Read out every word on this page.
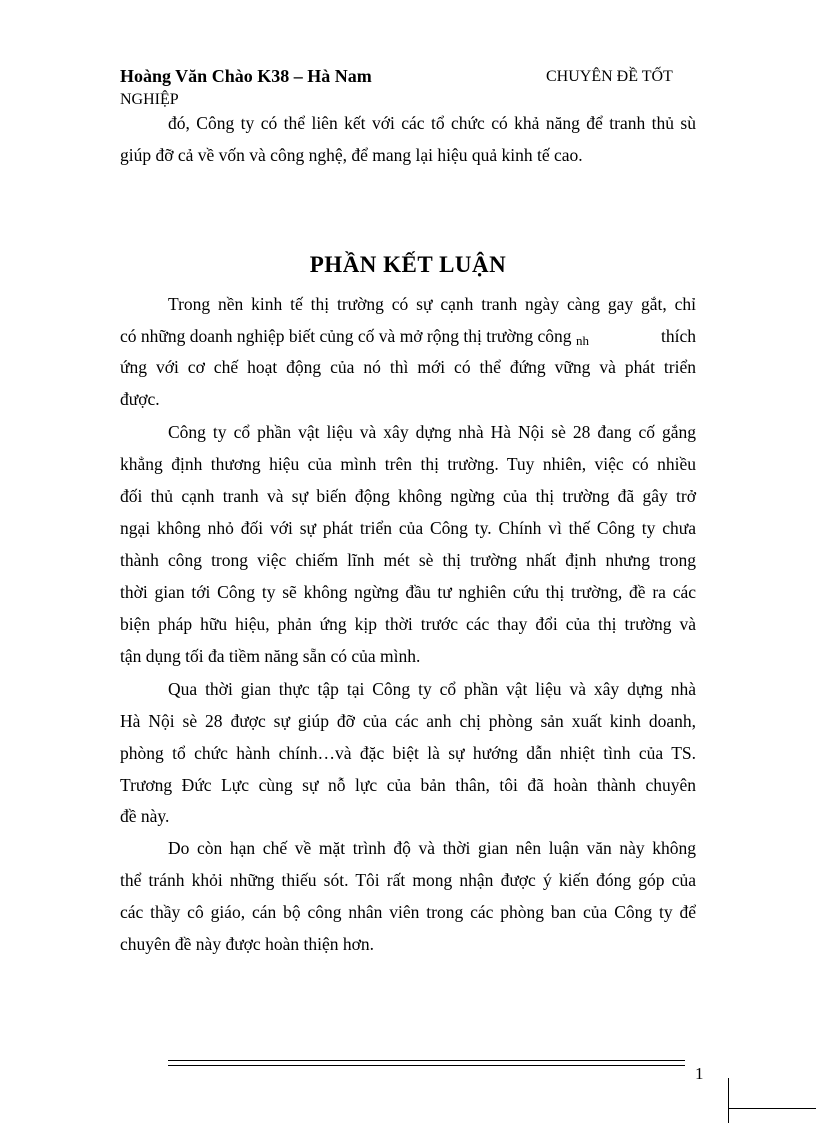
Hoàng Văn Chào K38 – Hà Nam	CHUYÊN ĐỀ TỐT
NGHIỆP
đó, Công ty có thể liên kết với các tổ chức có khả năng để tranh thủ sù
giúp đỡ cả về vốn và công nghệ, để mang lại hiệu quả kinh tế cao.
PHẦN KẾT LUẬN
Trong nền kinh tế thị trường có sự cạnh tranh ngày càng gay gắt, chỉ
có những doanh nghiệp biết củng cố và mở rộng thị trường công nh	thích
ứng với cơ chế hoạt động của nó thì mới có thể đứng vững và phát triển
được.
Công ty cổ phần vật liệu và xây dựng nhà Hà Nội sè 28 đang cố gắng
khẳng định thương hiệu của mình trên thị trường. Tuy nhiên, việc có nhiều
đối thủ cạnh tranh và sự biến động không ngừng của thị trường đã gây trở
ngại không nhỏ đối với sự phát triển của Công ty. Chính vì thế Công ty chưa
thành công trong việc chiếm lĩnh mét sè thị trường nhất định nhưng trong
thời gian tới Công ty sẽ không ngừng đầu tư nghiên cứu thị trường, đề ra các
biện pháp hữu hiệu, phản ứng kịp thời trước các thay đổi của thị trường và
tận dụng tối đa tiềm năng sẵn có của mình.
Qua thời gian thực tập tại Công ty cổ phần vật liệu và xây dựng nhà
Hà Nội sè 28 được sự giúp đỡ của các anh chị phòng sản xuất kinh doanh,
phòng tổ chức hành chính…và đặc biệt là sự hướng dẫn nhiệt tình của TS.
Trương Đức Lực cùng sự nỗ lực của bản thân, tôi đã hoàn thành chuyên
đề này.
Do còn hạn chế về mặt trình độ và thời gian nên luận văn này không
thể tránh khỏi những thiếu sót. Tôi rất mong nhận được ý kiến đóng góp của
các thầy cô giáo, cán bộ công nhân viên trong các phòng ban của Công ty để
chuyên đề này được hoàn thiện hơn.
1
